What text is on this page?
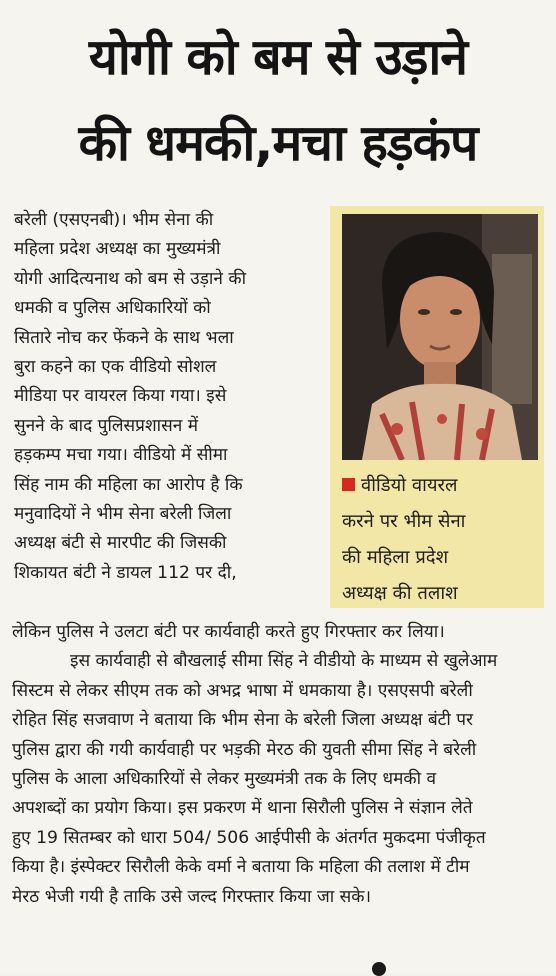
योगी को बम से उड़ाने
की धमकी,मचा हड़कंप
बरेली (एसएनबी)। भीम सेना की
महिला प्रदेश अध्यक्ष का मुख्यमंत्री
योगी आदित्यनाथ को बम से उड़ाने की
धमकी व पुलिस अधिकारियों को
सितारे नोच कर फेंकने के साथ भला
बुरा कहने का एक वीडियो सोशल
मीडिया पर वायरल किया गया। इसे
सुनने के बाद पुलिसप्रशासन में
हड़कम्प मचा गया। वीडियो में सीमा
सिंह नाम की महिला का आरोप है कि
मनुवादियों ने भीम सेना बरेली जिला
अध्यक्ष बंटी से मारपीट की जिसकी
शिकायत बंटी ने डायल 112 पर दी,
वीडियो वायरल
करने पर भीम सेना
की महिला प्रदेश
अध्यक्ष की तलाश
लेकिन पुलिस ने उलटा बंटी पर कार्यवाही करते हुए गिरफ्तार कर लिया।
इस कार्यवाही से बौखलाई सीमा सिंह ने वीडीयो के माध्यम से खुलेआम
सिस्टम से लेकर सीएम तक को अभद्र भाषा में धमकाया है। एसएसपी बरेली
रोहित सिंह सजवाण ने बताया कि भीम सेना के बरेली जिला अध्यक्ष बंटी पर
पुलिस द्वारा की गयी कार्यवाही पर भड़की मेरठ की युवती सीमा सिंह ने बरेली
पुलिस के आला अधिकारियों से लेकर मुख्यमंत्री तक के लिए धमकी व
अपशब्दों का प्रयोग किया। इस प्रकरण में थाना सिरौली पुलिस ने संज्ञान लेते
हुए 19 सितम्बर को धारा 504/ 506 आईपीसी के अंतर्गत मुकदमा पंजीकृत
किया है। इंस्पेक्टर सिरौली केके वर्मा ने बताया कि महिला की तलाश में टीम
मेरठ भेजी गयी है ताकि उसे जल्द गिरफ्तार किया जा सके।
